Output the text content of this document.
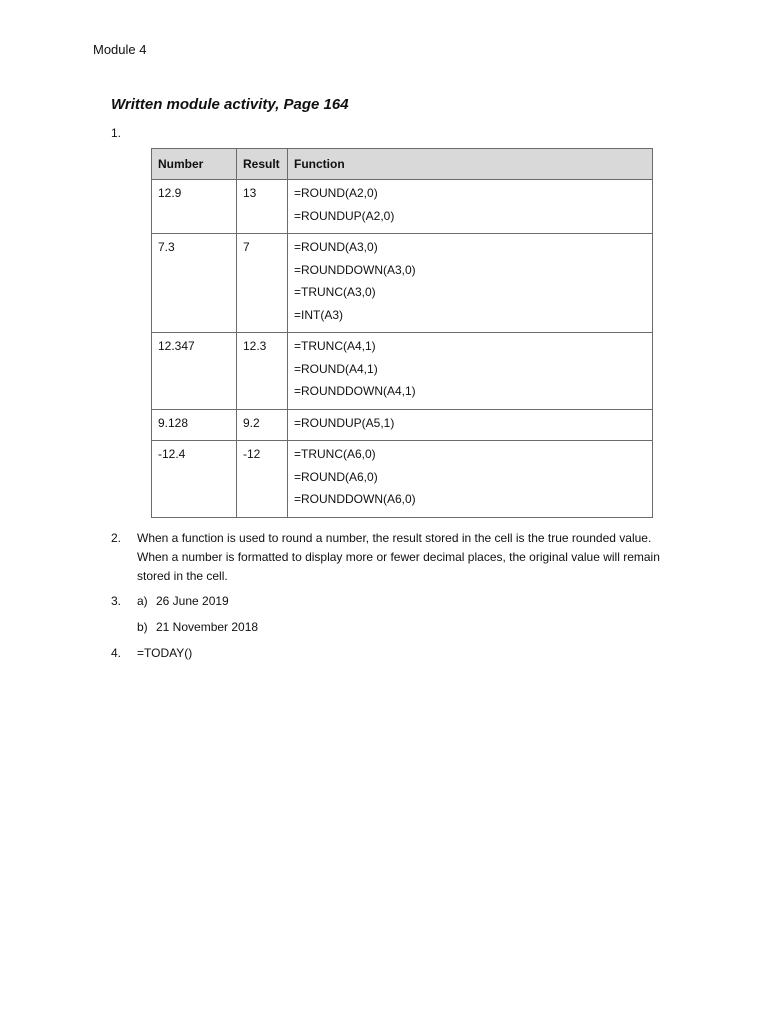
Module 4
Written module activity, Page 164
1.
Number	Result	Function
12.9	13	=ROUND(A2,0)
=ROUNDUP(A2,0)

7.3	7	=ROUND(A3,0)
=ROUNDDOWN(A3,0)
=TRUNC(A3,0)
=INT(A3)

12.347	12.3	=TRUNC(A4,1)
=ROUND(A4,1)
=ROUNDDOWN(A4,1)

9.128	9.2	=ROUNDUP(A5,1)

-12.4	-12	=TRUNC(A6,0)
=ROUND(A6,0)
=ROUNDDOWN(A6,0)
2. When a function is used to round a number, the result stored in the cell is the true rounded value. When a number is formatted to display more or fewer decimal places, the original value will remain stored in the cell.
3. a) 26 June 2019
b) 21 November 2018
4. =TODAY()
